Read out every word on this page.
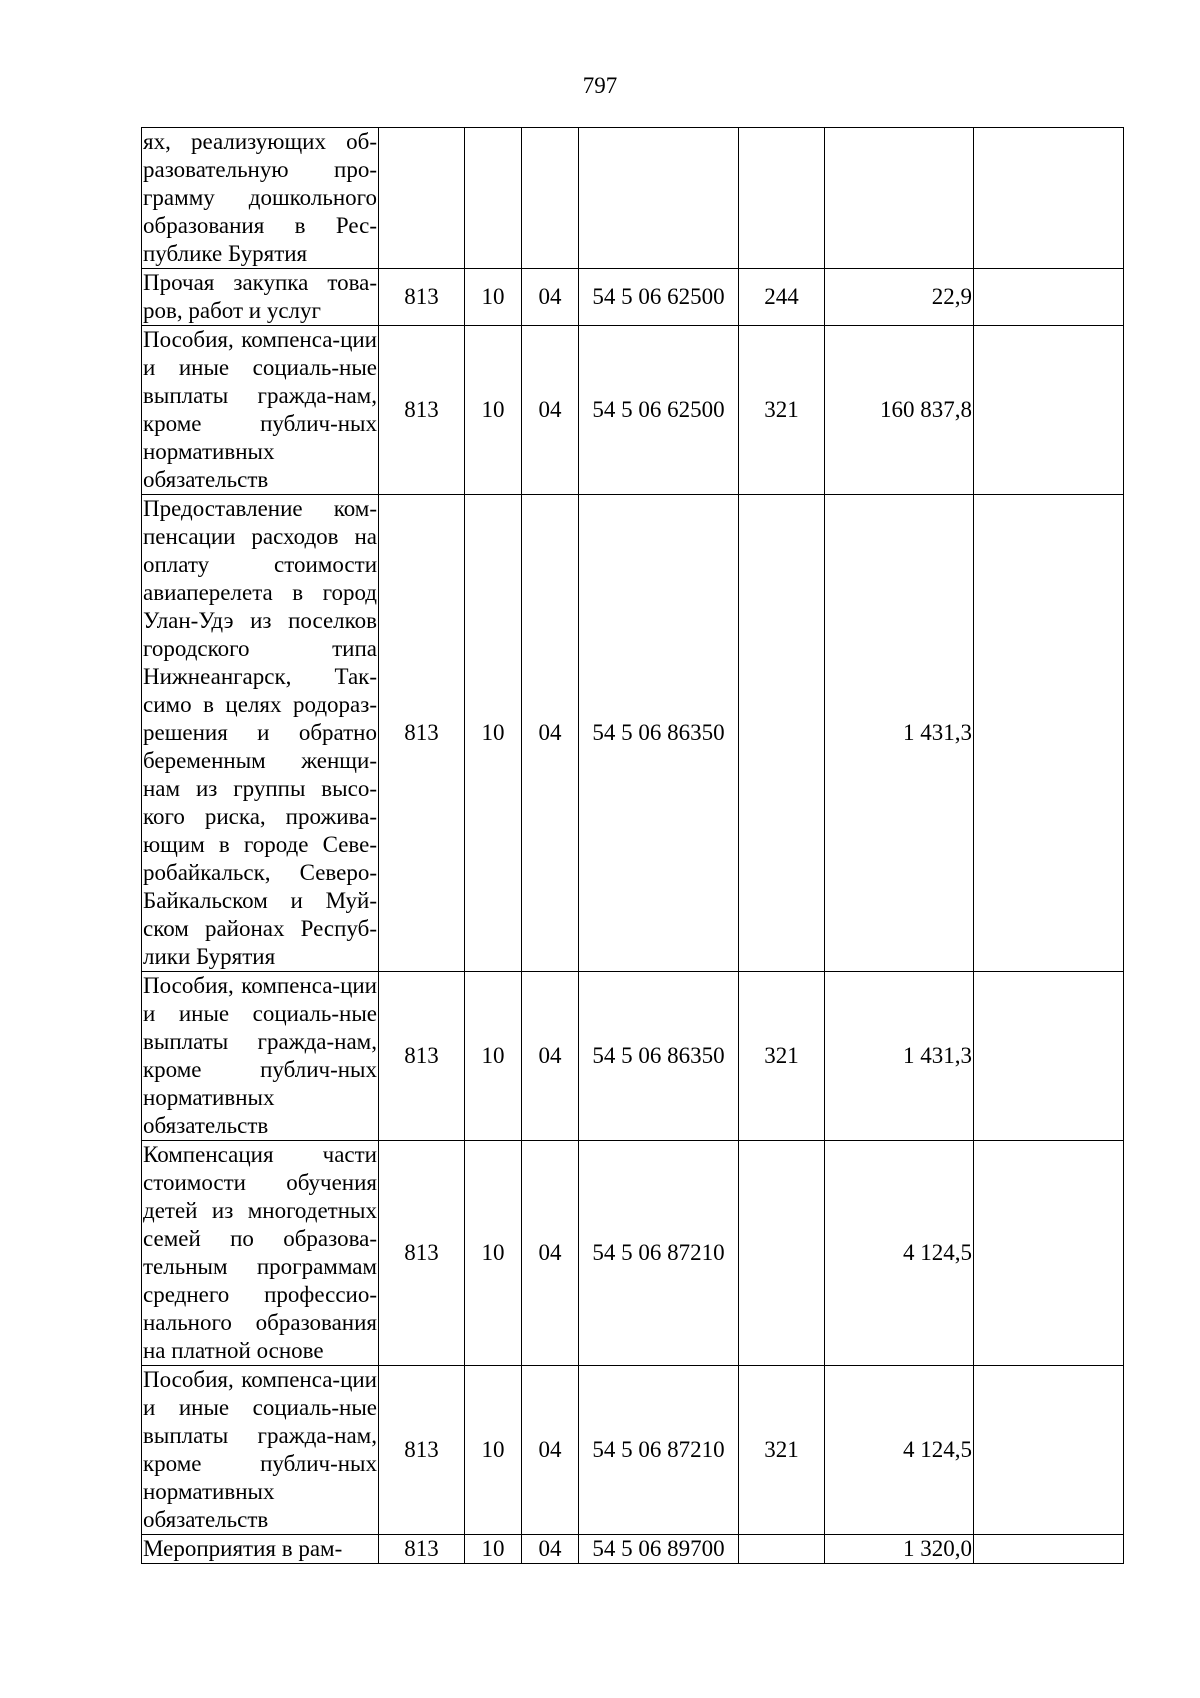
797
ях, реализующих об-разовательную про-грамму дошкольного образования в Рес-публике Бурятия							
Прочая закупка това-ров, работ и услуг	813	10	04	54 5 06 62500	244	22,9	
Пособия, компенса-ции и иные социаль-ные выплаты гражда-нам, кроме публич-ных нормативных обязательств	813	10	04	54 5 06 62500	321	160 837,8	
Предоставление ком-пенсации расходов на оплату стоимости авиаперелета в город Улан-Удэ из поселков городского типа Нижнеангарск, Так-симо в целях родораз-решения и обратно беременным женщи-нам из группы высо-кого риска, прожива-ющим в городе Севе-робайкальск, Северо-Байкальском и Муй-ском районах Респуб-лики Бурятия	813	10	04	54 5 06 86350		1 431,3	
Пособия, компенса-ции и иные социаль-ные выплаты гражда-нам, кроме публич-ных нормативных обязательств	813	10	04	54 5 06 86350	321	1 431,3	
Компенсация части стоимости обучения детей из многодетных семей по образова-тельным программам среднего профессио-нального образования на платной основе	813	10	04	54 5 06 87210		4 124,5	
Пособия, компенса-ции и иные социаль-ные выплаты гражда-нам, кроме публич-ных нормативных обязательств	813	10	04	54 5 06 87210	321	4 124,5	
Мероприятия в рам-	813	10	04	54 5 06 89700		1 320,0	
